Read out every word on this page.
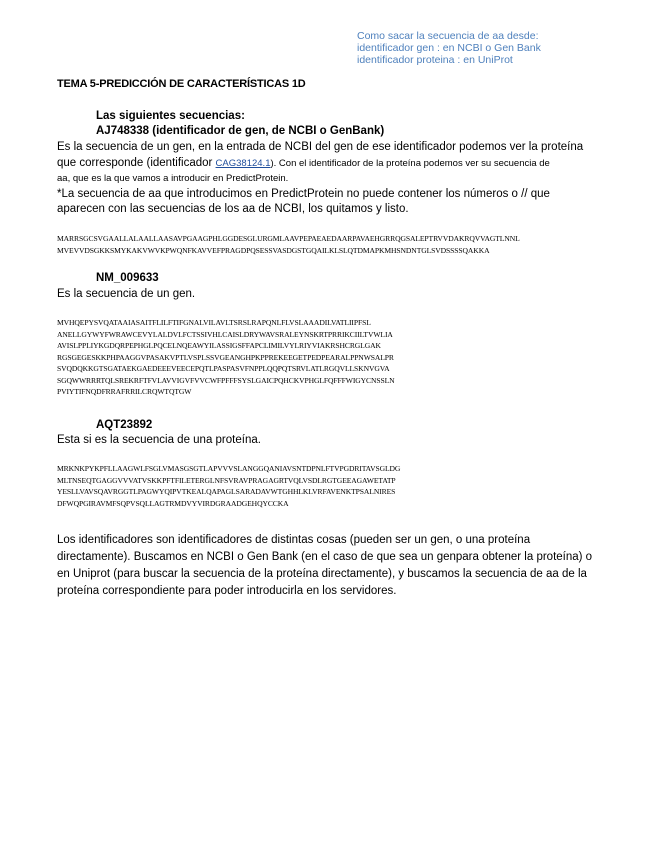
Como sacar la secuencia de aa desde:
identificador gen : en NCBI o Gen Bank
identificador proteina : en UniProt
TEMA 5-PREDICCIÓN DE CARACTERÍSTICAS 1D
Las siguientes secuencias:
AJ748338 (identificador de gen, de NCBI o GenBank)
Es la secuencia de un gen, en la entrada de NCBI del gen de ese identificador podemos ver la proteína
que corresponde (identificador CAG38124.1). Con el identificador de la proteína podemos ver su secuencia de
aa, que es la que vamos a introducir en PredictProtein.
*La secuencia de aa que introducimos en PredictProtein no puede contener los números o // que
aparecen con las secuencias de los aa de NCBI, los quitamos y listo.
MARRSGCSVGAALLALAALLAASAVPGAAGPHLGGDESGLURGMLAAVPEPAEAEDAARPAVAEHGRRQGSALEPTRVVDAKRQVVAGTLNNL
MVEVVDSGKKSMYKAKVWVKPWQNFKAVVEFPRAGDPQSESSVASDGSTGQAILKLSLQTDMAPKMHSNDNTGLSVDSSSSQAKKA
NM_009633
Es la secuencia de un gen.
MVHQEPYSVQATAAIASAITFLILFTIFGNALVILAVLTSRSLRAPQNLFLVSLAAADILVATLIIPFSL
ANELLGYWYFWRAWCEVYLALDVLFCTSSIVHLCAISLDRYWAVSRALEYNSKRTPRRIKCIILTVWLIA
AVISLPPLIYKGDQRPEPHGLPQCELNQEAWYILASSIGSFFAPCLIMILVYLRIYVIAKRSHCRGLGAK
RGSGEGESKKPHPAAGGVPASAKVPTLVSPLSSVGEANGHPKPPREKEEGETPEDPEARALPPNWSALPR
SVQDQKKGTSGATAEKGAEDEEEVEECEPQTLPASPASVFNPPLQQPQTSRVLATLRGQVLLSKNVGVA
SGQWWRRRTQLSREKRFTFVLAVVIGVFVVCWFPFFFSYSLGAICPQHCKVPHGLFQFFFWIGYCNSSLN
PVIYTIFNQDFRRAFRRILCRQWTQTGW
AQT23892
Esta si es la secuencia de una proteína.
MRKNKPYKPFLLAAGWLFSGLVMASGSGTLAPVVVSLANGGQANIAVSNTDPNLFTVPGDRITAVSGLDG
MLTNSEQTGAGGVVVATVSKKPFTFILETERGLNFSVRAVPRAGAGRTVQLVSDLRGTGEEAGAWETATP
YESLLVAVSQAVRGGTLPAGWYQIPVTKEALQAPAGLSARADAVWTGHHLKLVRFAVENKTPSALNIRES
DFWQPGIRAVMFSQPVSQLLAGTRMDVYVIRDGRAADGEHQYCCKA
Los identificadores son identificadores de distintas cosas (pueden ser un gen, o una proteína
directamente). Buscamos en NCBI o Gen Bank (en el caso de que sea un genpara obtener la proteína) o
en Uniprot (para buscar la secuencia de la proteína directamente), y buscamos la secuencia de aa de la
proteína correspondiente para poder introducirla en los servidores.
